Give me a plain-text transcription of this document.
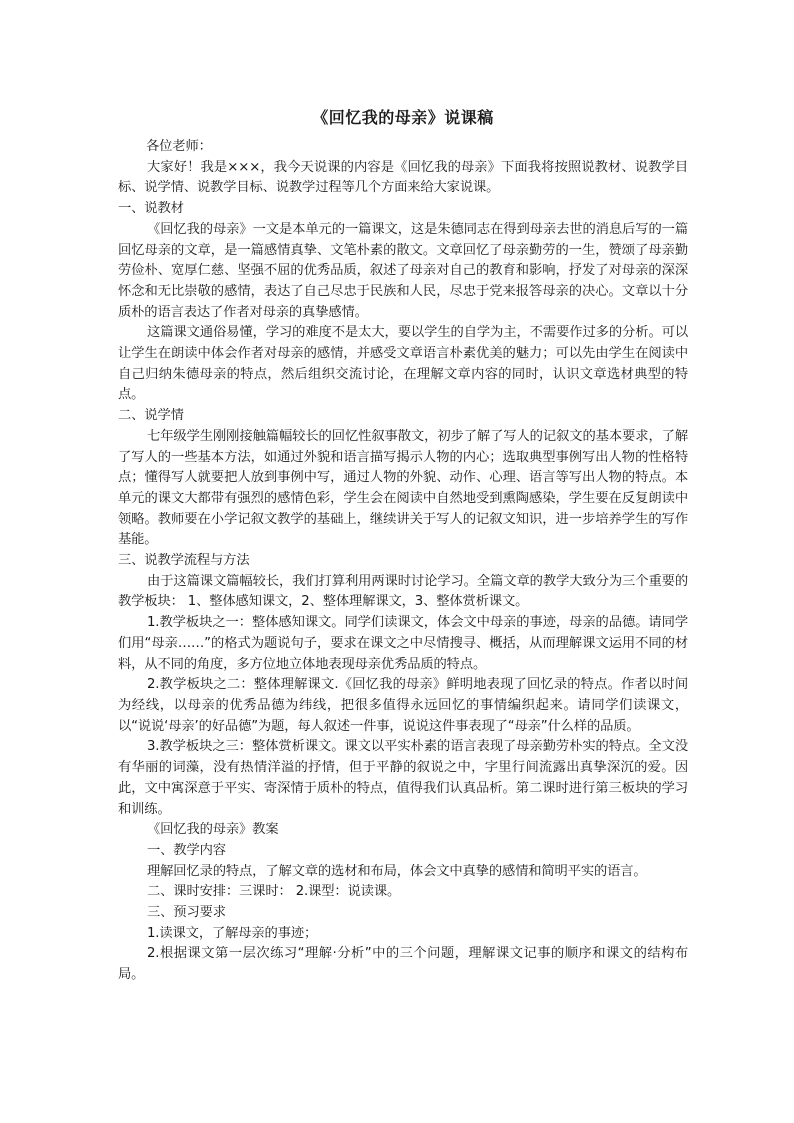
《回忆我的母亲》说课稿

各位老师：

大家好！我是×××，我今天说课的内容是《回忆我的母亲》下面我将按照说教材、说教学目标、说学情、说教学目标、说教学过程等几个方面来给大家说课。

一、说教材

《回忆我的母亲》一文是本单元的一篇课文，这是朱德同志在得到母亲去世的消息后写的一篇回忆母亲的文章，是一篇感情真挚、文笔朴素的散文。文章回忆了母亲勤劳的一生，赞颂了母亲勤劳俭朴、宽厚仁慈、坚强不屈的优秀品质，叙述了母亲对自己的教育和影响，抒发了对母亲的深深怀念和无比崇敬的感情，表达了自己尽忠于民族和人民，尽忠于党来报答母亲的决心。文章以十分质朴的语言表达了作者对母亲的真挚感情。

这篇课文通俗易懂，学习的难度不是太大，要以学生的自学为主，不需要作过多的分析。可以让学生在朗读中体会作者对母亲的感情，并感受文章语言朴素优美的魅力；可以先由学生在阅读中自己归纳朱德母亲的特点，然后组织交流讨论，在理解文章内容的同时，认识文章选材典型的特点。

二、说学情

七年级学生刚刚接触篇幅较长的回忆性叙事散文，初步了解了写人的记叙文的基本要求，了解了写人的一些基本方法，如通过外貌和语言描写揭示人物的内心；选取典型事例写出人物的性格特点；懂得写人就要把人放到事例中写，通过人物的外貌、动作、心理、语言等写出人物的特点。本单元的课文大都带有强烈的感情色彩，学生会在阅读中自然地受到熏陶感染，学生要在反复朗读中领略。教师要在小学记叙文教学的基础上，继续讲关于写人的记叙文知识，进一步培养学生的写作基能。

三、说教学流程与方法

由于这篇课文篇幅较长，我们打算利用两课时讨论学习。全篇文章的教学大致分为三个重要的教学板块： 1、整体感知课文，2、整体理解课文，3、整体赏析课文。

1.教学板块之一：整体感知课文。同学们读课文，体会文中母亲的事迹，母亲的品德。请同学们用“母亲……”的格式为题说句子，要求在课文之中尽情搜寻、概括，从而理解课文运用不同的材料，从不同的角度，多方位地立体地表现母亲优秀品质的特点。

2.教学板块之二：整体理解课文.《回忆我的母亲》鲜明地表现了回忆录的特点。作者以时间为经线，以母亲的优秀品德为纬线，把很多值得永远回忆的事情编织起来。请同学们读课文，以“说说‘母亲’的好品德”为题，每人叙述一件事，说说这件事表现了“母亲”什么样的品质。

3.教学板块之三：整体赏析课文。课文以平实朴素的语言表现了母亲勤劳朴实的特点。全文没有华丽的词藻，没有热情洋溢的抒情，但于平静的叙说之中，字里行间流露出真挚深沉的爱。因此，文中寓深意于平实、寄深情于质朴的特点，值得我们认真品析。第二课时进行第三板块的学习和训练。

《回忆我的母亲》教案

一、教学内容

理解回忆录的特点，了解文章的选材和布局，体会文中真挚的感情和简明平实的语言。

二、课时安排：三课时： 2.课型：说读课。

三、预习要求

1.读课文，了解母亲的事迹；

2.根据课文第一层次练习“理解·分析”中的三个问题，理解课文记事的顺序和课文的结构布局。
